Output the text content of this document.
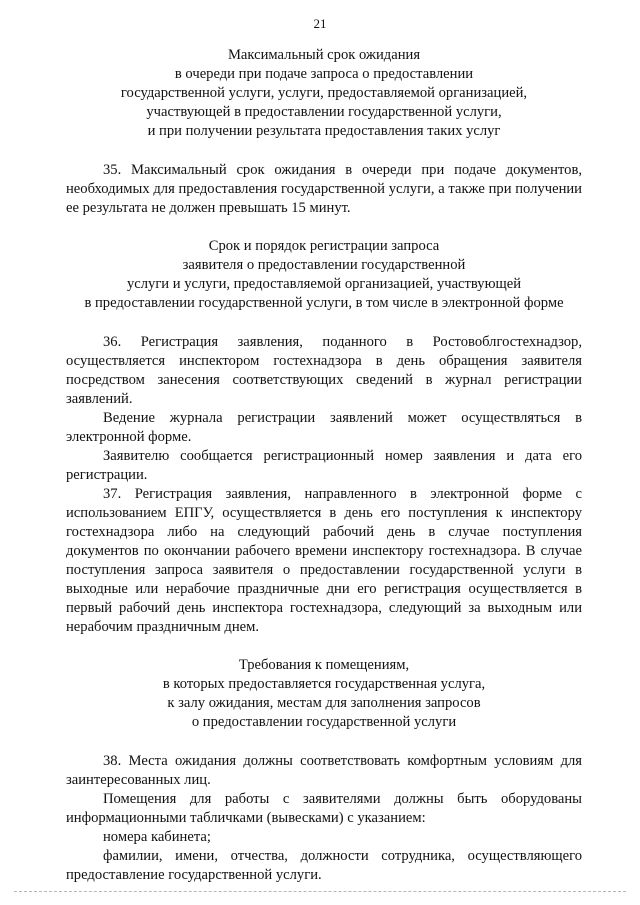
21
Максимальный срок ожидания
в очереди при подаче запроса о предоставлении
государственной услуги, услуги, предоставляемой организацией,
участвующей в предоставлении государственной услуги,
и при получении результата предоставления таких услуг

35. Максимальный срок ожидания в очереди при подаче документов, необходимых для предоставления государственной услуги, а также при получении ее результата не должен превышать 15 минут.

Срок и порядок регистрации запроса
заявителя о предоставлении государственной
услуги и услуги, предоставляемой организацией, участвующей
в предоставлении государственной услуги, в том числе в электронной форме

36. Регистрация заявления, поданного в Ростовоблгостехнадзор, осуществляется инспектором гостехнадзора в день обращения заявителя посредством занесения соответствующих сведений в журнал регистрации заявлений.

Ведение журнала регистрации заявлений может осуществляться в электронной форме.

Заявителю сообщается регистрационный номер заявления и дата его регистрации.

37. Регистрация заявления, направленного в электронной форме с использованием ЕПГУ, осуществляется в день его поступления к инспектору гостехнадзора либо на следующий рабочий день в случае поступления документов по окончании рабочего времени инспектору гостехнадзора. В случае поступления запроса заявителя о предоставлении государственной услуги в выходные или нерабочие праздничные дни его регистрация осуществляется в первый рабочий день инспектора гостехнадзора, следующий за выходным или нерабочим праздничным днем.

Требования к помещениям,
в которых предоставляется государственная услуга,
к залу ожидания, местам для заполнения запросов
о предоставлении государственной услуги

38. Места ожидания должны соответствовать комфортным условиям для заинтересованных лиц.

Помещения для работы с заявителями должны быть оборудованы информационными табличками (вывесками) с указанием:

номера кабинета;

фамилии, имени, отчества, должности сотрудника, осуществляющего предоставление государственной услуги.
